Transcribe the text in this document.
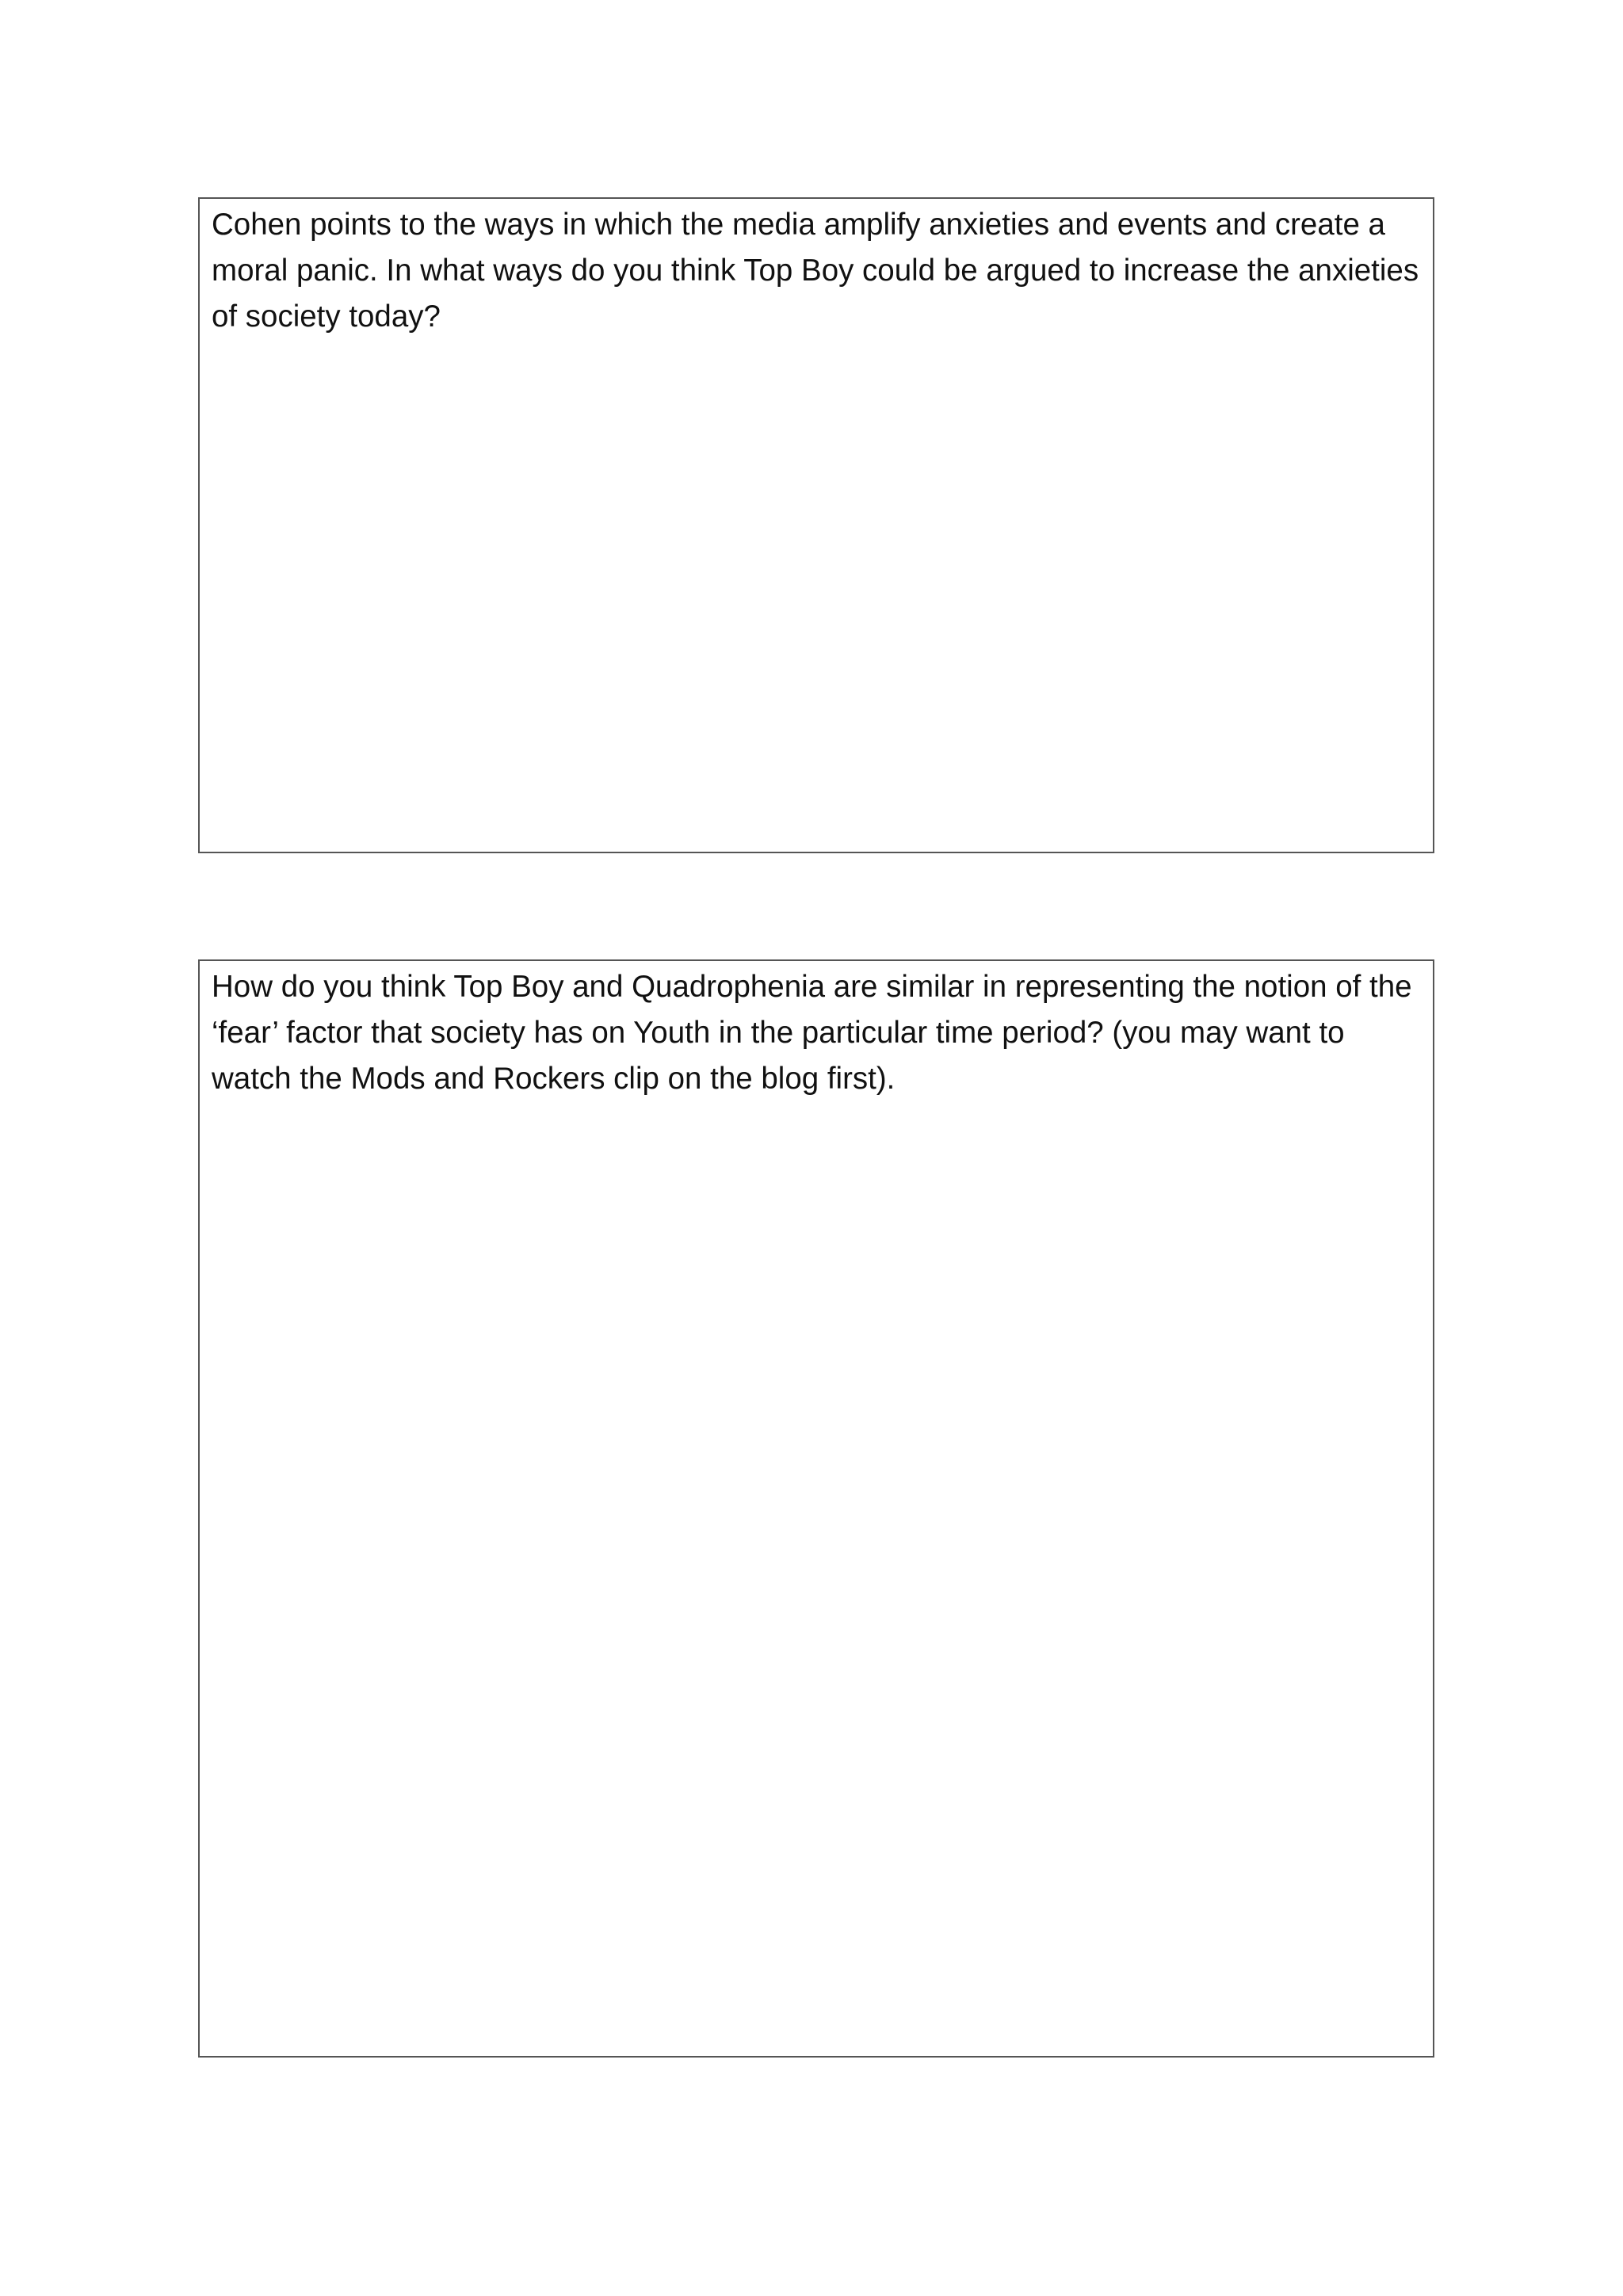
Cohen points to the ways in which the media amplify anxieties and events and create a
moral panic. In what ways do you think Top Boy could be argued to increase the anxieties
of society today?

How do you think Top Boy and Quadrophenia are similar in representing the notion of the
‘fear’ factor that society has on Youth in the particular time period? (you may want to
watch the Mods and Rockers clip on the blog first).
